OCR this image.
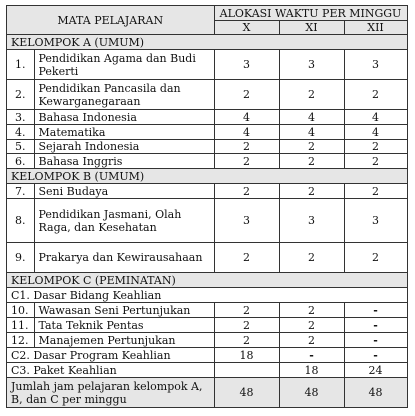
MATA PELAJARAN		ALOKASI WAKTU PER MINGGU		
		X	XI	XII
KELOMPOK A (UMUM)				
1.	Pendidikan Agama dan Budi Pekerti	3	3	3
2.	Pendidikan Pancasila dan Kewarganegaraan	2	2	2
3.	Bahasa Indonesia	4	4	4
4.	Matematika	4	4	4
5.	Sejarah Indonesia	2	2	2
6.	Bahasa Inggris	2	2	2
KELOMPOK B (UMUM)				
7.	Seni Budaya	2	2	2
8.	Pendidikan Jasmani, Olah Raga, dan Kesehatan	3	3	3
9.	Prakarya dan Kewirausahaan	2	2	2
KELOMPOK C (PEMINATAN)				
C1. Dasar Bidang Keahlian				
10.	Wawasan Seni Pertunjukan	2	2	-
11.	Tata Teknik Pentas	2	2	-
12.	Manajemen Pertunjukan	2	2	-
C2. Dasar Program Keahlian		18	-	-
C3. Paket Keahlian			18	24
Jumlah jam pelajaran kelompok A, B, dan C per minggu		48	48	48
